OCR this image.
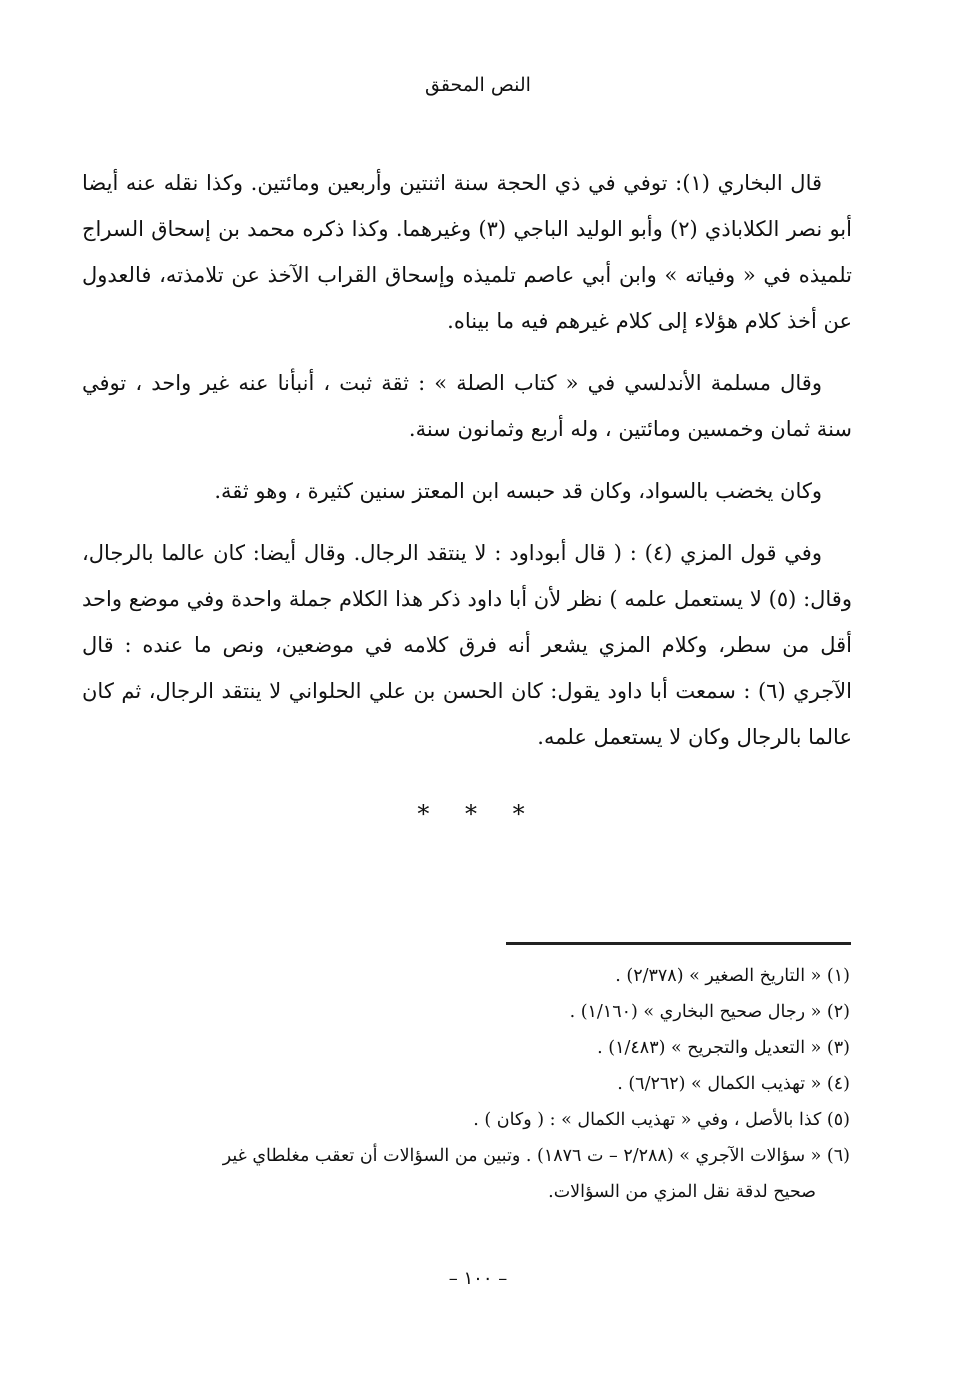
النص المحقق

قال البخاري (١): توفي في ذي الحجة سنة اثنتين وأربعين ومائتين. وكذا نقله عنه أيضا أبو نصر الكلاباذي (٢) وأبو الوليد الباجي (٣) وغيرهما. وكذا ذكره محمد بن إسحاق السراج تلميذه في « وفياته » وابن أبي عاصم تلميذه وإسحاق القراب الآخذ عن تلامذته، فالعدول عن أخذ كلام هؤلاء إلى كلام غيرهم فيه ما بيناه.

وقال مسلمة الأندلسي في « كتاب الصلة » : ثقة ثبت ، أنبأنا عنه غير واحد ، توفي سنة ثمان وخمسين ومائتين ، وله أربع وثمانون سنة.

وكان يخضب بالسواد، وكان قد حبسه ابن المعتز سنين كثيرة ، وهو ثقة.

وفي قول المزي (٤) : ( قال أبوداود : لا ينتقد الرجال. وقال أيضا: كان عالما بالرجال، وقال: (٥) لا يستعمل علمه ) نظر لأن أبا داود ذكر هذا الكلام جملة واحدة وفي موضع واحد أقل من سطر، وكلام المزي يشعر أنه فرق كلامه في موضعين، ونص ما عنده : قال الآجري (٦) : سمعت أبا داود يقول: كان الحسن بن علي الحلواني لا ينتقد الرجال، ثم كان عالما بالرجال وكان لا يستعمل علمه.

* * *
(١) « التاريخ الصغير » (٢/٣٧٨) .
(٢) « رجال صحيح البخاري » (١/١٦٠) .
(٣) « التعديل والتجريح » (١/٤٨٣) .
(٤) « تهذيب الكمال » (٦/٢٦٢) .
(٥) كذا بالأصل ، وفي « تهذيب الكمال » : ( وكان ) .
(٦) « سؤالات الآجري » (٢/٢٨٨ – ت ١٨٧٦) . وتبين من السؤالات أن تعقب مغلطاي غير
صحيح لدقة نقل المزي من السؤالات.
– ١٠٠ –
